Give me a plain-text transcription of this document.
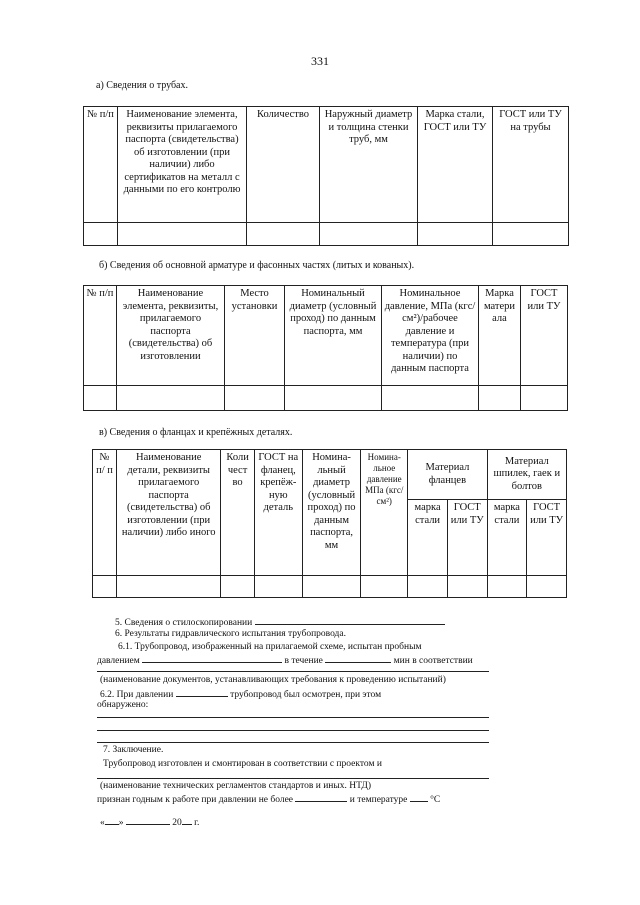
331
а) Сведения о трубах.
№ п/п	Наименование элемента, реквизиты прилагаемого паспорта (свидетельства) об изготовлении (при наличии) либо сертификатов на металл с данными по его контролю	Количество	Наружный диаметр и толщина стенки труб, мм	Марка стали, ГОСТ или ТУ	ГОСТ или ТУ на трубы

б) Сведения об основной арматуре и фасонных частях (литых и кованых).
№ п/п	Наименование элемента, реквизиты, прилагаемого паспорта (свидетельства) об изготовлении	Место установки	Номинальный диаметр (условный проход) по данным паспорта, мм	Номинальное давление, МПа (кгс/см²)/рабочее давление и температура (при наличии) по данным паспорта	Марка матери ала	ГОСТ или ТУ

в) Сведения о фланцах и крепёжных деталях.
№ п/ п	Наименование детали, реквизиты прилагаемого паспорта (свидетельства) об изготовлении (при наличии) либо иного	Коли чест во	ГОСТ на фланец, крепёж-ную деталь	Номина-льный диаметр (условный проход) по данным паспорта, мм	Номина-льное давление МПа (кгс/см²)	Материал фланцев		Материал шпилек, гаек и болтов	
						марка стали	ГОСТ или ТУ	марка стали	ГОСТ или ТУ

5. Сведения о стилоскопировании
6. Результаты гидравлического испытания трубопровода.
6.1. Трубопровод, изображенный на прилагаемой схеме, испытан пробным
давлением	в течение	мин в соответствии
(наименование документов, устанавливающих требования к проведению испытаний)
6.2. При давлении	трубопровод был осмотрен, при этом
обнаружено:
7. Заключение.
Трубопровод изготовлен и смонтирован в соответствии с проектом и
(наименование технических регламентов стандартов и иных. НТД)
признан годным к работе при давлении не более	и температуре °С
« »	20 г.
